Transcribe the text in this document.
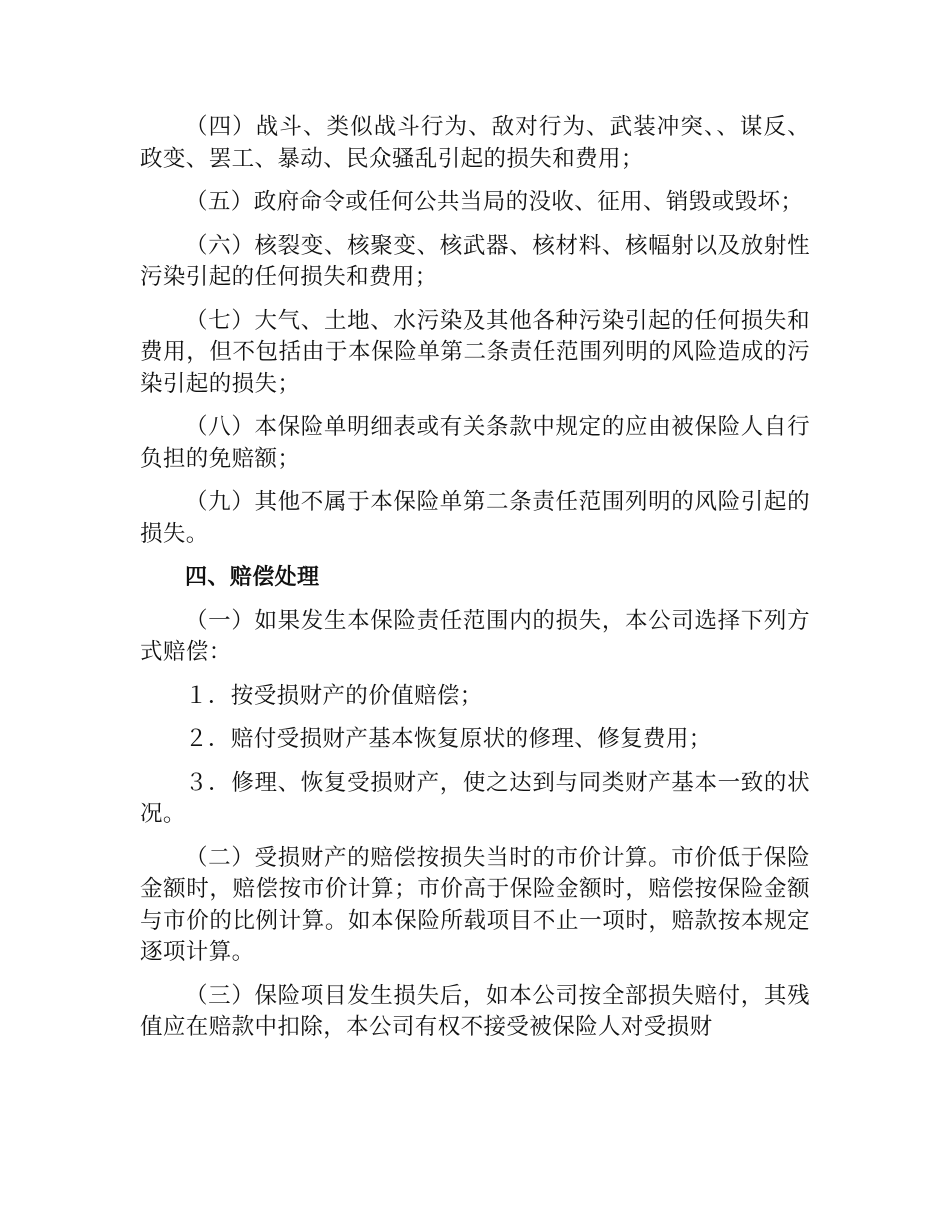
（四）战斗、类似战斗行为、敌对行为、武装冲突、、谋反、政变、罢工、暴动、民众骚乱引起的损失和费用；

（五）政府命令或任何公共当局的没收、征用、销毁或毁坏；

（六）核裂变、核聚变、核武器、核材料、核幅射以及放射性污染引起的任何损失和费用；

（七）大气、土地、水污染及其他各种污染引起的任何损失和费用，但不包括由于本保险单第二条责任范围列明的风险造成的污染引起的损失；

（八）本保险单明细表或有关条款中规定的应由被保险人自行负担的免赔额；

（九）其他不属于本保险单第二条责任范围列明的风险引起的损失。

四、赔偿处理

（一）如果发生本保险责任范围内的损失，本公司选择下列方式赔偿：

１．按受损财产的价值赔偿；

２．赔付受损财产基本恢复原状的修理、修复费用；

３．修理、恢复受损财产，使之达到与同类财产基本一致的状况。

（二）受损财产的赔偿按损失当时的市价计算。市价低于保险金额时，赔偿按市价计算；市价高于保险金额时，赔偿按保险金额与市价的比例计算。如本保险所载项目不止一项时，赔款按本规定逐项计算。

（三）保险项目发生损失后，如本公司按全部损失赔付，其残值应在赔款中扣除，本公司有权不接受被保险人对受损财
